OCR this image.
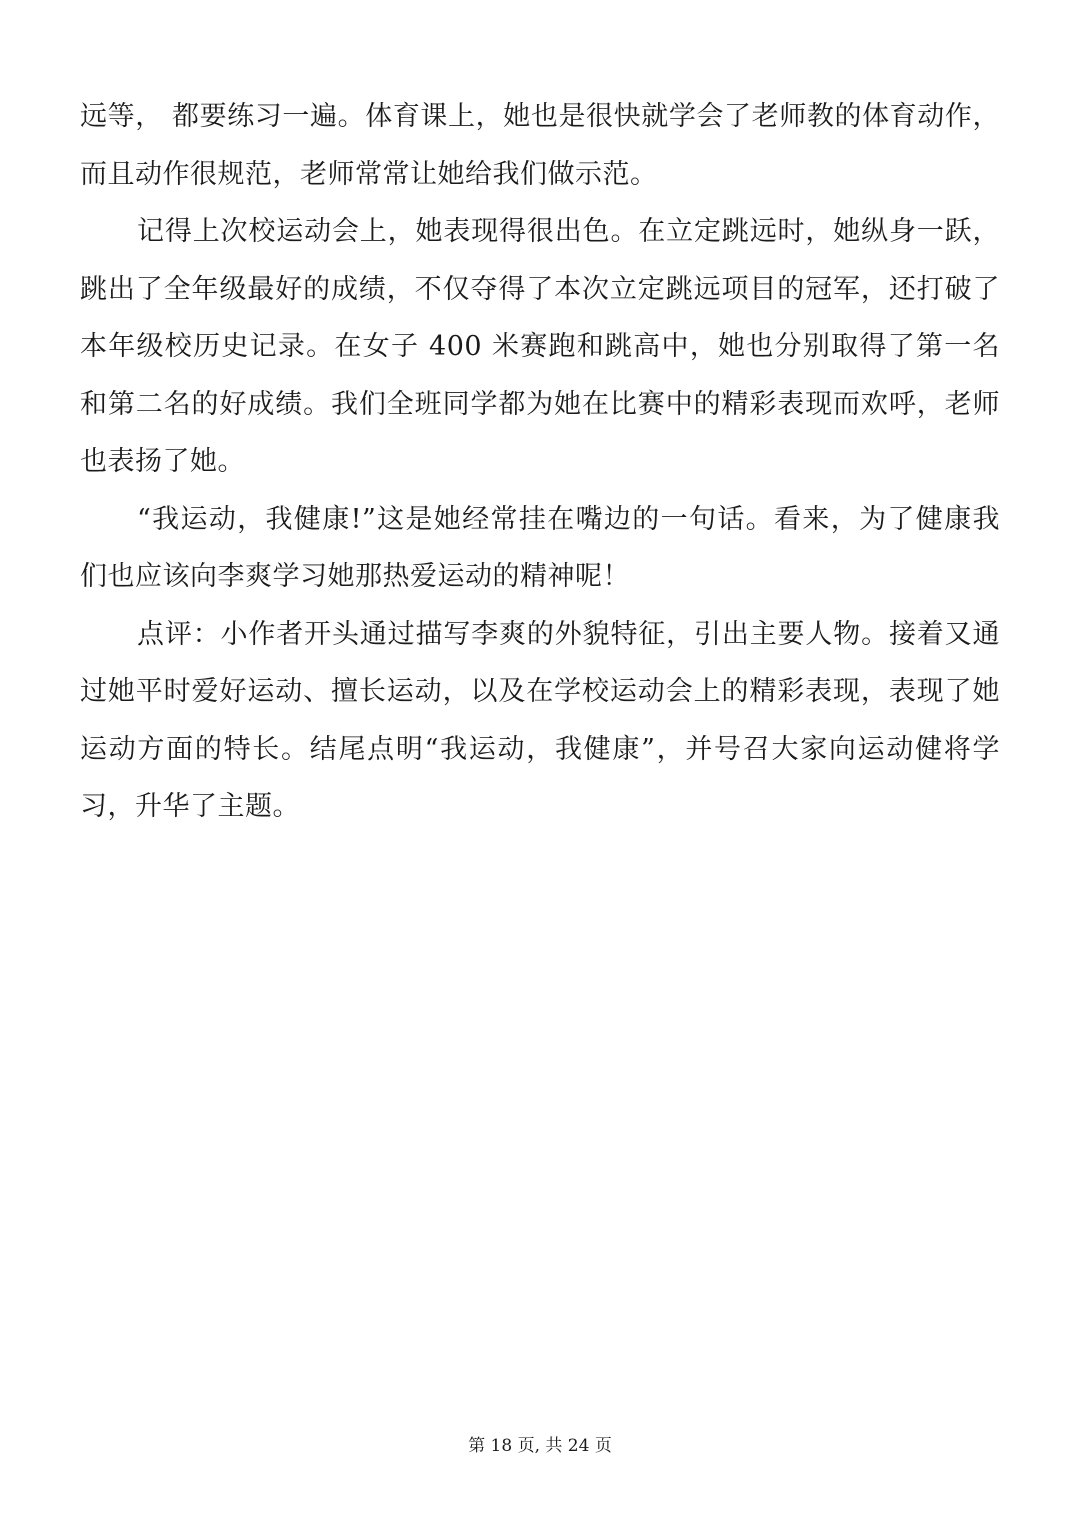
远等， 都要练习一遍。体育课上，她也是很快就学会了老师教的体育动作，而且动作很规范，老师常常让她给我们做示范。

记得上次校运动会上，她表现得很出色。在立定跳远时，她纵身一跃，跳出了全年级最好的成绩，不仅夺得了本次立定跳远项目的冠军，还打破了本年级校历史记录。在女子 400 米赛跑和跳高中，她也分别取得了第一名和第二名的好成绩。我们全班同学都为她在比赛中的精彩表现而欢呼，老师也表扬了她。

“我运动，我健康!”这是她经常挂在嘴边的一句话。看来，为了健康我们也应该向李爽学习她那热爱运动的精神呢！

点评：小作者开头通过描写李爽的外貌特征，引出主要人物。接着又通过她平时爱好运动、擅长运动，以及在学校运动会上的精彩表现，表现了她运动方面的特长。结尾点明“我运动，我健康”，并号召大家向运动健将学习，升华了主题。

第 18 页, 共 24 页
